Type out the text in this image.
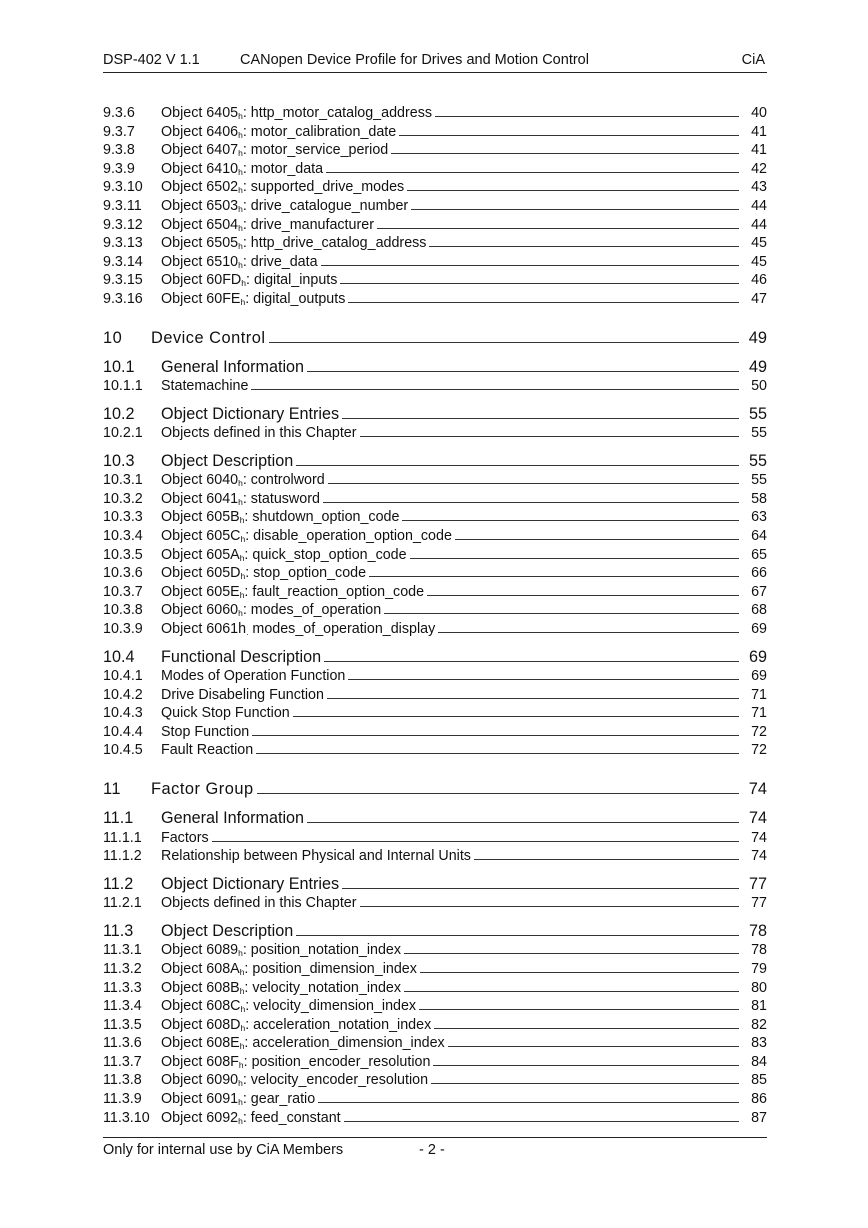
DSP-402 V 1.1	CANopen Device Profile for Drives and Motion Control	CiA
9.3.6	Object $6405_h$: http_motor_catalog_address	40
9.3.7	Object $6406_h$: motor_calibration_date	41
9.3.8	Object $6407_h$: motor_service_period	41
9.3.9	Object $6410_h$: motor_data	42
9.3.10	Object $6502_h$: supported_drive_modes	43
9.3.11	Object $6503_h$: drive_catalogue_number	44
9.3.12	Object $6504_h$: drive_manufacturer	44
9.3.13	Object $6505_h$: http_drive_catalog_address	45
9.3.14	Object $6510_h$: drive_data	45
9.3.15	Object $60FD_h$: digital_inputs	46
9.3.16	Object $60FE_h$: digital_outputs	47
10	Device Control	49
10.1	General Information	49
10.1.1	Statemachine	50
10.2	Object Dictionary Entries	55
10.2.1	Objects defined in this Chapter	55
10.3	Object Description	55
10.3.1	Object $6040_h$: controlword	55
10.3.2	Object $6041_h$: statusword	58
10.3.3	Object $605B_h$: shutdown_option_code	63
10.3.4	Object $605C_h$: disable_operation_option_code	64
10.3.5	Object $605A_h$: quick_stop_option_code	65
10.3.6	Object $605D_h$: stop_option_code	66
10.3.7	Object $605E_h$: fault_reaction_option_code	67
10.3.8	Object $6060_h$: modes_of_operation	68
10.3.9	Object $6061h_.$ modes_of_operation_display	69
10.4	Functional Description	69
10.4.1	Modes of Operation Function	69
10.4.2	Drive Disabeling Function	71
10.4.3	Quick Stop Function	71
10.4.4	Stop Function	72
10.4.5	Fault Reaction	72
11	Factor Group	74
11.1	General Information	74
11.1.1	Factors	74
11.1.2	Relationship between Physical and Internal Units	74
11.2	Object Dictionary Entries	77
11.2.1	Objects defined in this Chapter	77
11.3	Object Description	78
11.3.1	Object $6089_h$: position_notation_index	78
11.3.2	Object $608A_h$: position_dimension_index	79
11.3.3	Object $608B_h$: velocity_notation_index	80
11.3.4	Object $608C_h$: velocity_dimension_index	81
11.3.5	Object $608D_h$: acceleration_notation_index	82
11.3.6	Object $608E_h$: acceleration_dimension_index	83
11.3.7	Object $608F_h$: position_encoder_resolution	84
11.3.8	Object $6090_h$: velocity_encoder_resolution	85
11.3.9	Object $6091_h$: gear_ratio	86
11.3.10 Object $6092_h$: feed_constant	87
Only for internal use by CiA Members	- 2 -
